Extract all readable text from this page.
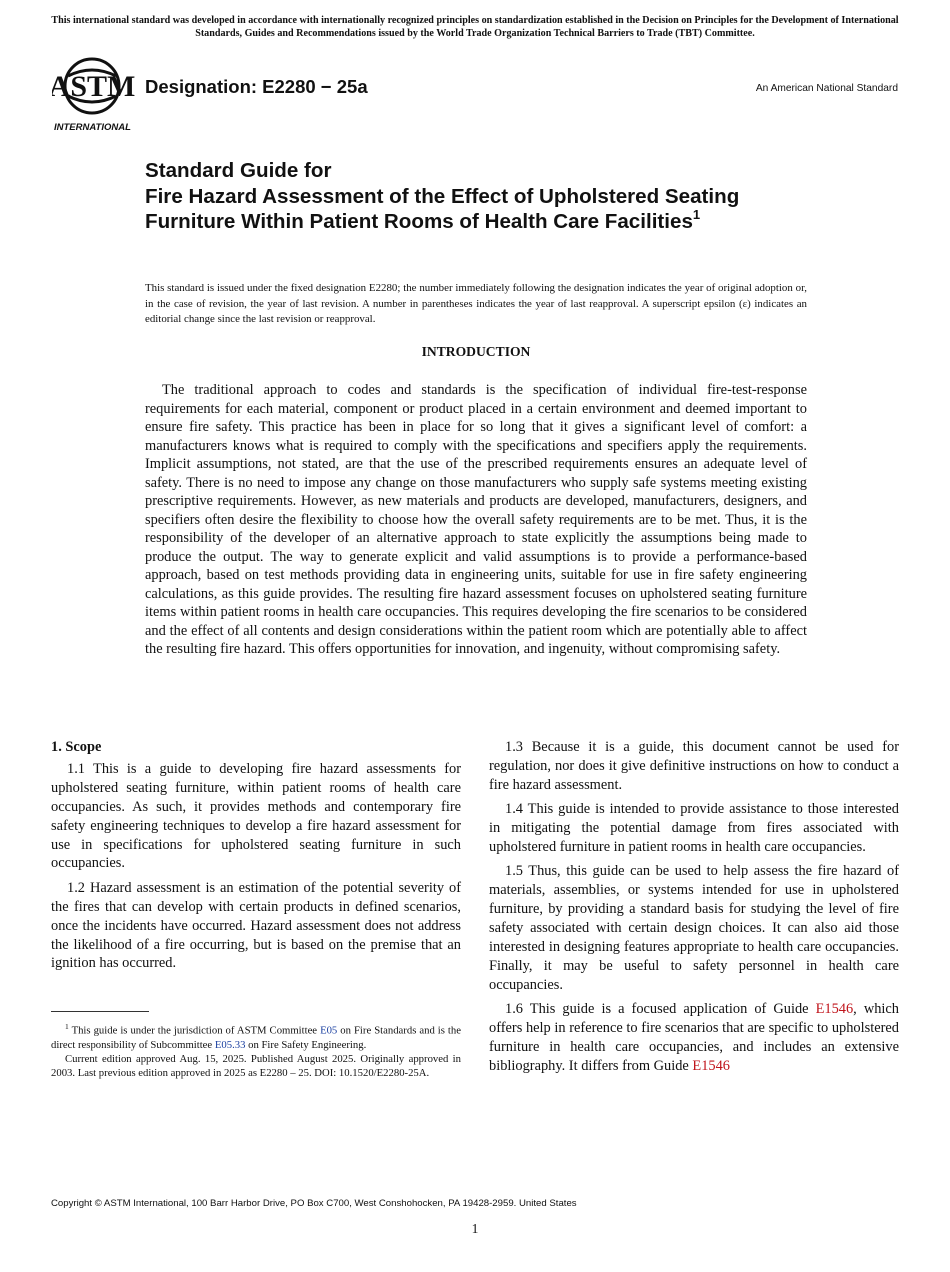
This international standard was developed in accordance with internationally recognized principles on standardization established in the Decision on Principles for the Development of International Standards, Guides and Recommendations issued by the World Trade Organization Technical Barriers to Trade (TBT) Committee.
ASTM
INTERNATIONAL
Designation: E2280 − 25a	An American National Standard
Standard Guide for
Fire Hazard Assessment of the Effect of Upholstered Seating Furniture Within Patient Rooms of Health Care Facilities$^1$
This standard is issued under the fixed designation E2280; the number immediately following the designation indicates the year of original adoption or, in the case of revision, the year of last revision. A number in parentheses indicates the year of last reapproval. A superscript epsilon (ε) indicates an editorial change since the last revision or reapproval.
INTRODUCTION
The traditional approach to codes and standards is the specification of individual fire-test-response requirements for each material, component or product placed in a certain environment and deemed important to ensure fire safety. This practice has been in place for so long that it gives a significant level of comfort: a manufacturers knows what is required to comply with the specifications and specifiers apply the requirements. Implicit assumptions, not stated, are that the use of the prescribed requirements ensures an adequate level of safety. There is no need to impose any change on those manufacturers who supply safe systems meeting existing prescriptive requirements. However, as new materials and products are developed, manufacturers, designers, and specifiers often desire the flexibility to choose how the overall safety requirements are to be met. Thus, it is the responsibility of the developer of an alternative approach to state explicitly the assumptions being made to produce the output. The way to generate explicit and valid assumptions is to provide a performance-based approach, based on test methods providing data in engineering units, suitable for use in fire safety engineering calculations, as this guide provides. The resulting fire hazard assessment focuses on upholstered seating furniture items within patient rooms in health care occupancies. This requires developing the fire scenarios to be considered and the effect of all contents and design considerations within the patient room which are potentially able to affect the resulting fire hazard. This offers opportunities for innovation, and ingenuity, without compromising safety.
1. Scope

1.1 This is a guide to developing fire hazard assessments for upholstered seating furniture, within patient rooms of health care occupancies. As such, it provides methods and contemporary fire safety engineering techniques to develop a fire hazard assessment for use in specifications for upholstered seating furniture in such occupancies.

1.2 Hazard assessment is an estimation of the potential severity of the fires that can develop with certain products in defined scenarios, once the incidents have occurred. Hazard assessment does not address the likelihood of a fire occurring, but is based on the premise that an ignition has occurred.

1.3 Because it is a guide, this document cannot be used for regulation, nor does it give definitive instructions on how to conduct a fire hazard assessment.

1.4 This guide is intended to provide assistance to those interested in mitigating the potential damage from fires associated with upholstered furniture in patient rooms in health care occupancies.

1.5 Thus, this guide can be used to help assess the fire hazard of materials, assemblies, or systems intended for use in upholstered furniture, by providing a standard basis for studying the level of fire safety associated with certain design choices. It can also aid those interested in designing features appropriate to health care occupancies. Finally, it may be useful to safety personnel in health care occupancies.

1.6 This guide is a focused application of Guide E1546, which offers help in reference to fire scenarios that are specific to upholstered furniture in health care occupancies, and includes an extensive bibliography. It differs from Guide E1546

$^1$ This guide is under the jurisdiction of ASTM Committee E05 on Fire Standards and is the direct responsibility of Subcommittee E05.33 on Fire Safety Engineering.

Current edition approved Aug. 15, 2025. Published August 2025. Originally approved in 2003. Last previous edition approved in 2025 as E2280 – 25. DOI: 10.1520/E2280-25A.

Copyright © ASTM International, 100 Barr Harbor Drive, PO Box C700, West Conshohocken, PA 19428-2959. United States
1
